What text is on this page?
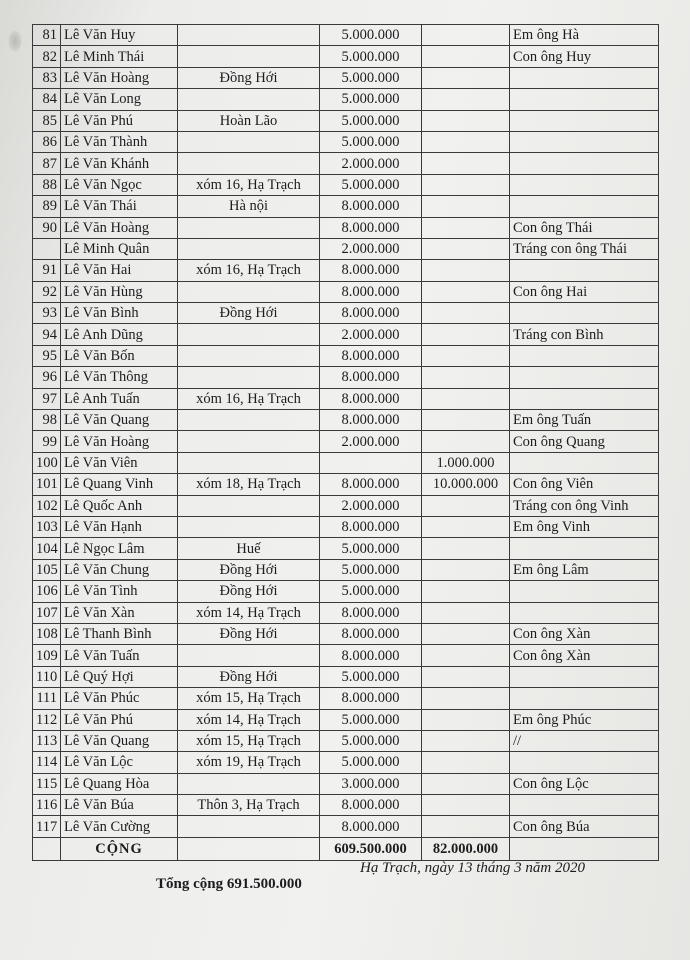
81	Lê Văn Huy		5.000.000		Em ông Hà
82	Lê Minh Thái		5.000.000		Con ông Huy
83	Lê Văn Hoàng	Đồng Hới	5.000.000		
84	Lê Văn Long		5.000.000		
85	Lê Văn Phú	Hoàn Lão	5.000.000		
86	Lê Văn Thành		5.000.000		
87	Lê Văn Khánh		2.000.000		
88	Lê Văn Ngọc	xóm 16, Hạ Trạch	5.000.000		
89	Lê Văn Thái	Hà nội	8.000.000		
90	Lê Văn Hoàng		8.000.000		Con ông Thái
	Lê Minh Quân		2.000.000		Tráng con ông Thái
91	Lê Văn Hai	xóm 16, Hạ Trạch	8.000.000		
92	Lê Văn Hùng		8.000.000		Con ông Hai
93	Lê Văn Bình	Đồng Hới	8.000.000		
94	Lê Anh Dũng		2.000.000		Tráng con Bình
95	Lê Văn Bốn		8.000.000		
96	Lê Văn Thông		8.000.000		
97	Lê Anh Tuấn	xóm 16, Hạ Trạch	8.000.000		
98	Lê Văn Quang		8.000.000		Em ông Tuấn
99	Lê Văn Hoàng		2.000.000		Con ông Quang
100	Lê Văn Viên			1.000.000	
101	Lê Quang Vinh	xóm 18, Hạ Trạch	8.000.000	10.000.000	Con ông Viên
102	Lê Quốc Anh		2.000.000		Tráng con ông Vinh
103	Lê Văn Hạnh		8.000.000		Em ông Vinh
104	Lê Ngọc Lâm	Huế	5.000.000		
105	Lê Văn Chung	Đồng Hới	5.000.000		Em ông Lâm
106	Lê Văn Tình	Đồng Hới	5.000.000		
107	Lê Văn Xàn	xóm 14, Hạ Trạch	8.000.000		
108	Lê Thanh Bình	Đồng Hới	8.000.000		Con ông Xàn
109	Lê Văn Tuấn		8.000.000		Con ông Xàn
110	Lê Quý Hợi	Đồng Hới	5.000.000		
111	Lê Văn Phúc	xóm 15, Hạ Trạch	8.000.000		
112	Lê Văn Phú	xóm 14, Hạ Trạch	5.000.000		Em ông Phúc
113	Lê Văn Quang	xóm 15, Hạ Trạch	5.000.000		//
114	Lê Văn Lộc	xóm 19, Hạ Trạch	5.000.000		
115	Lê Quang Hòa		3.000.000		Con ông Lộc
116	Lê Văn Búa	Thôn 3, Hạ Trạch	8.000.000		
117	Lê Văn Cường		8.000.000		Con ông Búa
	CỘNG		609.500.000	82.000.000	
Hạ Trạch, ngày 13 tháng 3 năm 2020
Tổng cộng 691.500.000
